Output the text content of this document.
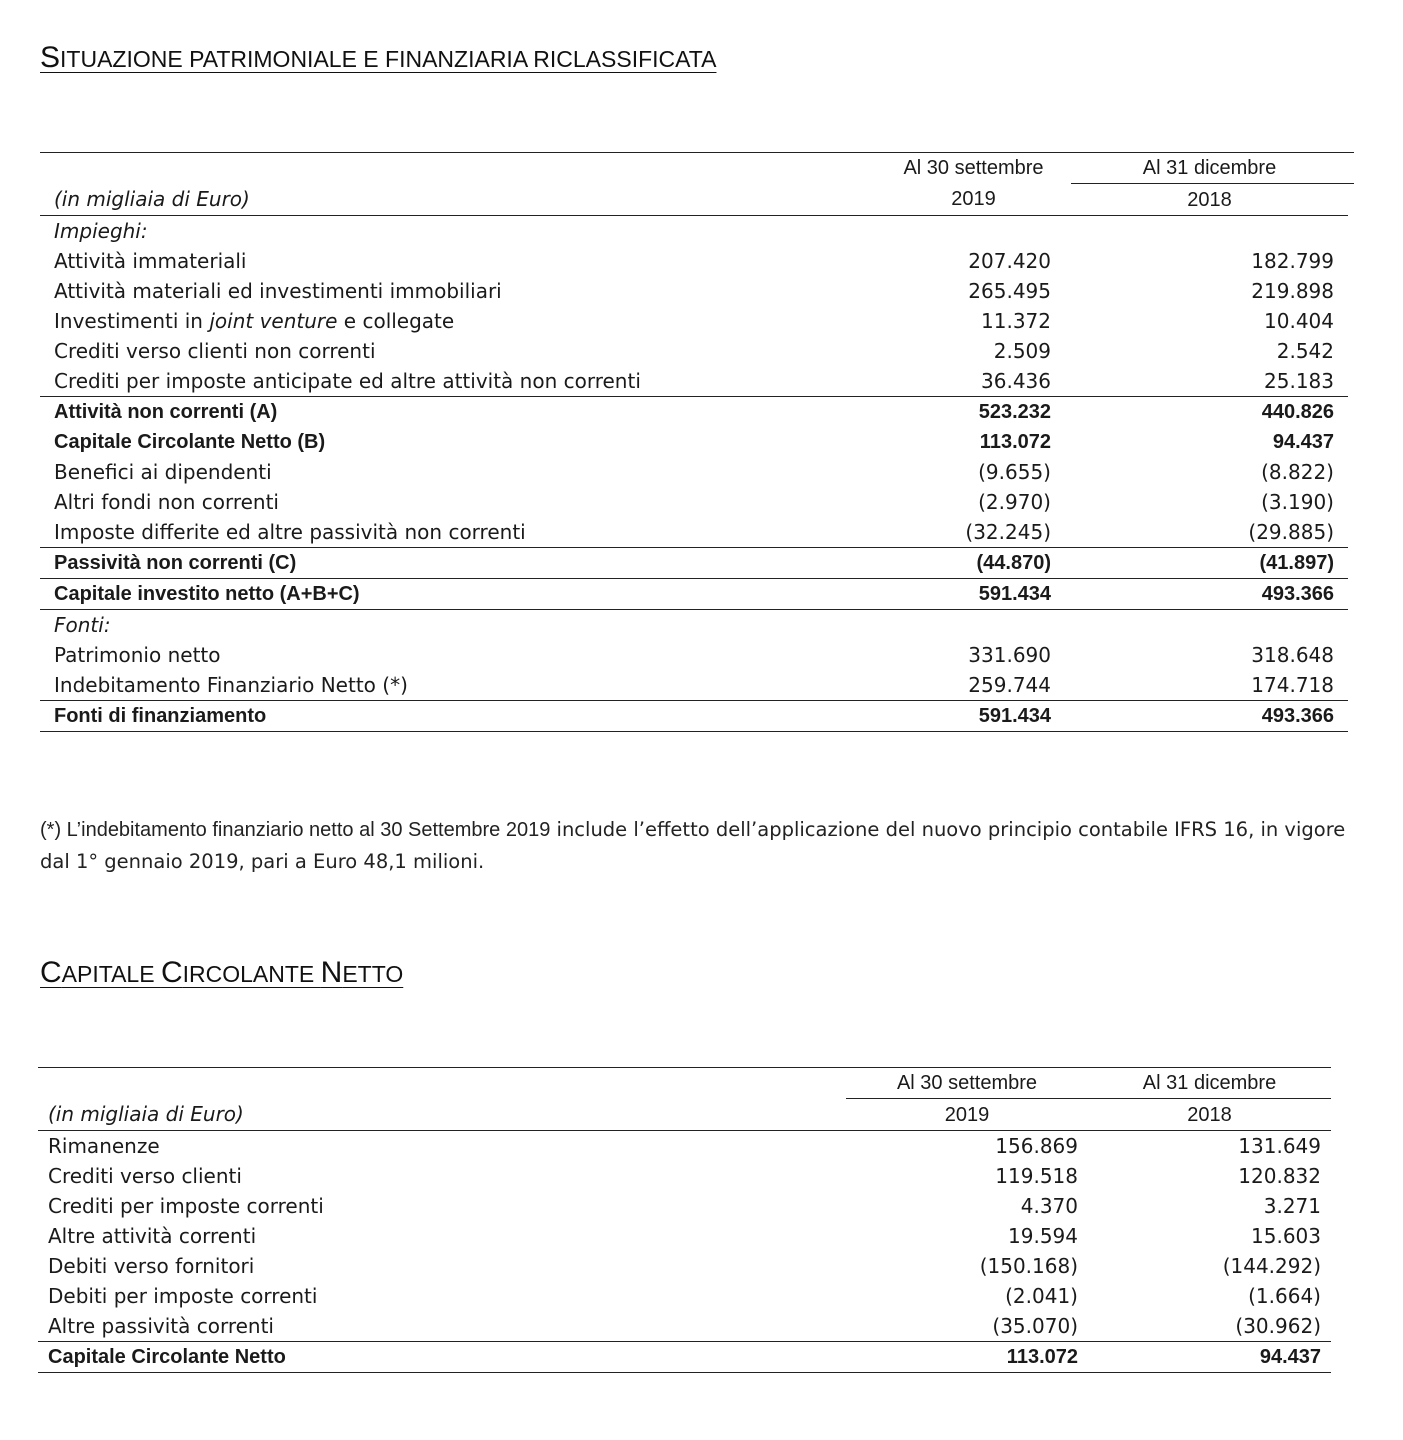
SITUAZIONE PATRIMONIALE E FINANZIARIA RICLASSIFICATA
	Al 30 settembre		Al 31 dicembre	
(in migliaia di Euro)	2019		2018	
Impieghi:				
Attività immateriali	207.420		182.799	
Attività materiali ed investimenti immobiliari	265.495		219.898	
Investimenti in joint venture e collegate	11.372		10.404	
Crediti verso clienti non correnti	2.509		2.542	
Crediti per imposte anticipate ed altre attività non correnti	36.436		25.183	
Attività non correnti (A)	523.232		440.826	
Capitale Circolante Netto (B)	113.072		94.437	
Benefici ai dipendenti	(9.655)		(8.822)	
Altri fondi non correnti	(2.970)		(3.190)	
Imposte differite ed altre passività non correnti	(32.245)		(29.885)	
Passività non correnti (C)	(44.870)		(41.897)	
Capitale investito netto (A+B+C)	591.434		493.366	
Fonti:				
Patrimonio netto	331.690		318.648	
Indebitamento Finanziario Netto (*)	259.744		174.718	
Fonti di finanziamento	591.434		493.366	

(*) L’indebitamento finanziario netto al 30 Settembre 2019 include l’effetto dell’applicazione del nuovo principio contabile IFRS 16, in vigore dal 1° gennaio 2019, pari a Euro 48,1 milioni.

CAPITALE CIRCOLANTE NETTO
	Al 30 settembre	Al 31 dicembre
(in migliaia di Euro)	2019	2018
Rimanenze	156.869	131.649
Crediti verso clienti	119.518	120.832
Crediti per imposte correnti	4.370	3.271
Altre attività correnti	19.594	15.603
Debiti verso fornitori	(150.168)	(144.292)
Debiti per imposte correnti	(2.041)	(1.664)
Altre passività correnti	(35.070)	(30.962)
Capitale Circolante Netto	113.072	94.437
